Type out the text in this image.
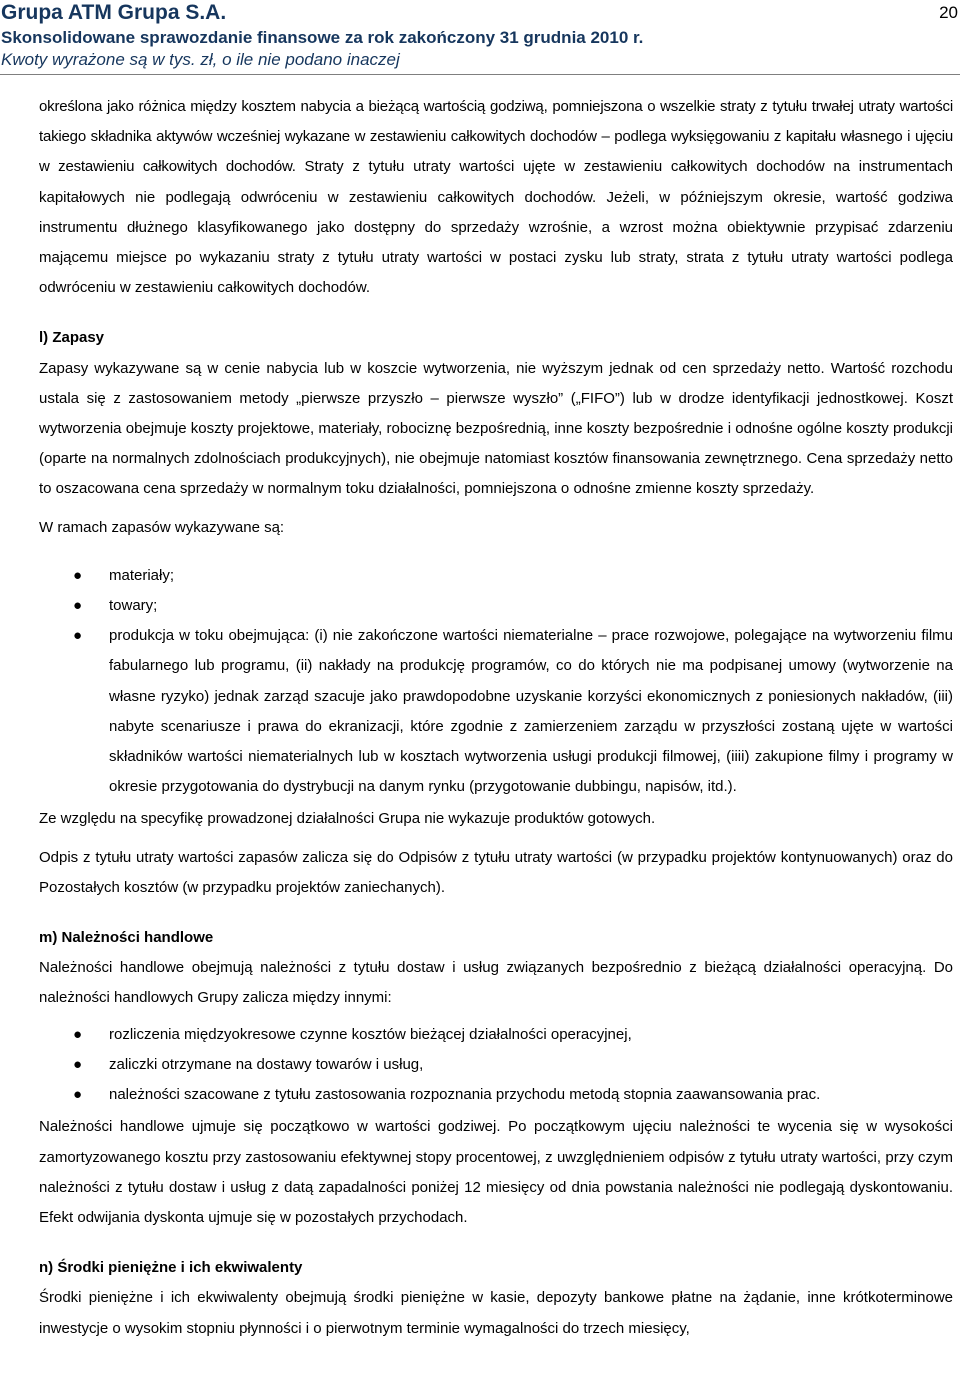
Grupa ATM Grupa S.A.
Skonsolidowane sprawozdanie finansowe za rok zakończony 31 grudnia 2010 r.
Kwoty wyrażone są w tys. zł, o ile nie podano inaczej
20

określona jako różnica między kosztem nabycia a bieżącą wartością godziwą, pomniejszona o wszelkie straty z tytułu trwałej utraty wartości takiego składnika aktywów wcześniej wykazane w zestawieniu całkowitych dochodów – podlega wyksięgowaniu z kapitału własnego i ujęciu w zestawieniu całkowitych dochodów. Straty z tytułu utraty wartości ujęte w zestawieniu całkowitych dochodów na instrumentach kapitałowych nie podlegają odwróceniu w zestawieniu całkowitych dochodów. Jeżeli, w późniejszym okresie, wartość godziwa instrumentu dłużnego klasyfikowanego jako dostępny do sprzedaży wzrośnie, a wzrost można obiektywnie przypisać zdarzeniu mającemu miejsce po wykazaniu straty z tytułu utraty wartości w postaci zysku lub straty, strata z tytułu utraty wartości podlega odwróceniu w zestawieniu całkowitych dochodów.

l) Zapasy

Zapasy wykazywane są w cenie nabycia lub w koszcie wytworzenia, nie wyższym jednak od cen sprzedaży netto. Wartość rozchodu ustala się z zastosowaniem metody „pierwsze przyszło – pierwsze wyszło” („FIFO”) lub w drodze identyfikacji jednostkowej. Koszt wytworzenia obejmuje koszty projektowe, materiały, robociznę bezpośrednią, inne koszty bezpośrednie i odnośne ogólne koszty produkcji (oparte na normalnych zdolnościach produkcyjnych), nie obejmuje natomiast kosztów finansowania zewnętrznego. Cena sprzedaży netto to oszacowana cena sprzedaży w normalnym toku działalności, pomniejszona o odnośne zmienne koszty sprzedaży.

W ramach zapasów wykazywane są:

● materiały;
● towary;
● produkcja w toku obejmująca: (i) nie zakończone wartości niematerialne – prace rozwojowe, polegające na wytworzeniu filmu fabularnego lub programu, (ii) nakłady na produkcję programów, co do których nie ma podpisanej umowy (wytworzenie na własne ryzyko) jednak zarząd szacuje jako prawdopodobne uzyskanie korzyści ekonomicznych z poniesionych nakładów, (iii) nabyte scenariusze i prawa do ekranizacji, które zgodnie z zamierzeniem zarządu w przyszłości zostaną ujęte w wartości składników wartości niematerialnych lub w kosztach wytworzenia usługi produkcji filmowej, (iiii) zakupione filmy i programy w okresie przygotowania do dystrybucji na danym rynku (przygotowanie dubbingu, napisów, itd.).

Ze względu na specyfikę prowadzonej działalności Grupa nie wykazuje produktów gotowych.

Odpis z tytułu utraty wartości zapasów zalicza się do Odpisów z tytułu utraty wartości (w przypadku projektów kontynuowanych) oraz do Pozostałych kosztów (w przypadku projektów zaniechanych).

m) Należności handlowe

Należności handlowe obejmują należności z tytułu dostaw i usług związanych bezpośrednio z bieżącą działalności operacyjną. Do należności handlowych Grupy zalicza między innymi:

● rozliczenia międzyokresowe czynne kosztów bieżącej działalności operacyjnej,
● zaliczki otrzymane na dostawy towarów i usług,
● należności szacowane z tytułu zastosowania rozpoznania przychodu metodą stopnia zaawansowania prac.

Należności handlowe ujmuje się początkowo w wartości godziwej. Po początkowym ujęciu należności te wycenia się w wysokości zamortyzowanego kosztu przy zastosowaniu efektywnej stopy procentowej, z uwzględnieniem odpisów z tytułu utraty wartości, przy czym należności z tytułu dostaw i usług z datą zapadalności poniżej 12 miesięcy od dnia powstania należności nie podlegają dyskontowaniu. Efekt odwijania dyskonta ujmuje się w pozostałych przychodach.

n) Środki pieniężne i ich ekwiwalenty

Środki pieniężne i ich ekwiwalenty obejmują środki pieniężne w kasie, depozyty bankowe płatne na żądanie, inne krótkoterminowe inwestycje o wysokim stopniu płynności i o pierwotnym terminie wymagalności do trzech miesięcy,
